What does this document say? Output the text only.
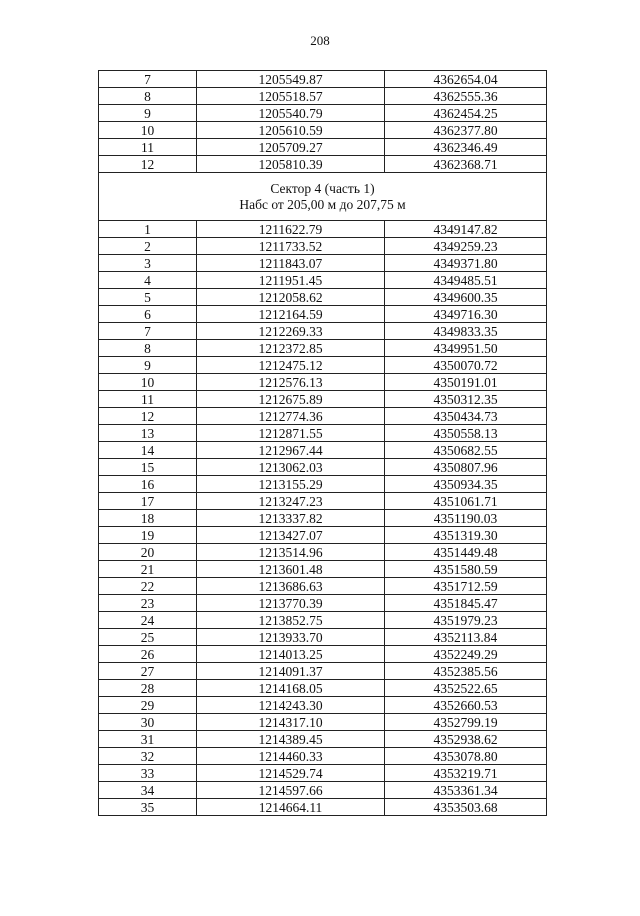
208
7	1205549.87	4362654.04
8	1205518.57	4362555.36
9	1205540.79	4362454.25
10	1205610.59	4362377.80
11	1205709.27	4362346.49
12	1205810.39	4362368.71

Сектор 4 (часть 1)
Набс от 205,00 м до 207,75 м		

1	1211622.79	4349147.82
2	1211733.52	4349259.23
3	1211843.07	4349371.80
4	1211951.45	4349485.51
5	1212058.62	4349600.35
6	1212164.59	4349716.30
7	1212269.33	4349833.35
8	1212372.85	4349951.50
9	1212475.12	4350070.72
10	1212576.13	4350191.01
11	1212675.89	4350312.35
12	1212774.36	4350434.73
13	1212871.55	4350558.13
14	1212967.44	4350682.55
15	1213062.03	4350807.96
16	1213155.29	4350934.35
17	1213247.23	4351061.71
18	1213337.82	4351190.03
19	1213427.07	4351319.30
20	1213514.96	4351449.48
21	1213601.48	4351580.59
22	1213686.63	4351712.59
23	1213770.39	4351845.47
24	1213852.75	4351979.23
25	1213933.70	4352113.84
26	1214013.25	4352249.29
27	1214091.37	4352385.56
28	1214168.05	4352522.65
29	1214243.30	4352660.53
30	1214317.10	4352799.19
31	1214389.45	4352938.62
32	1214460.33	4353078.80
33	1214529.74	4353219.71
34	1214597.66	4353361.34
35	1214664.11	4353503.68
